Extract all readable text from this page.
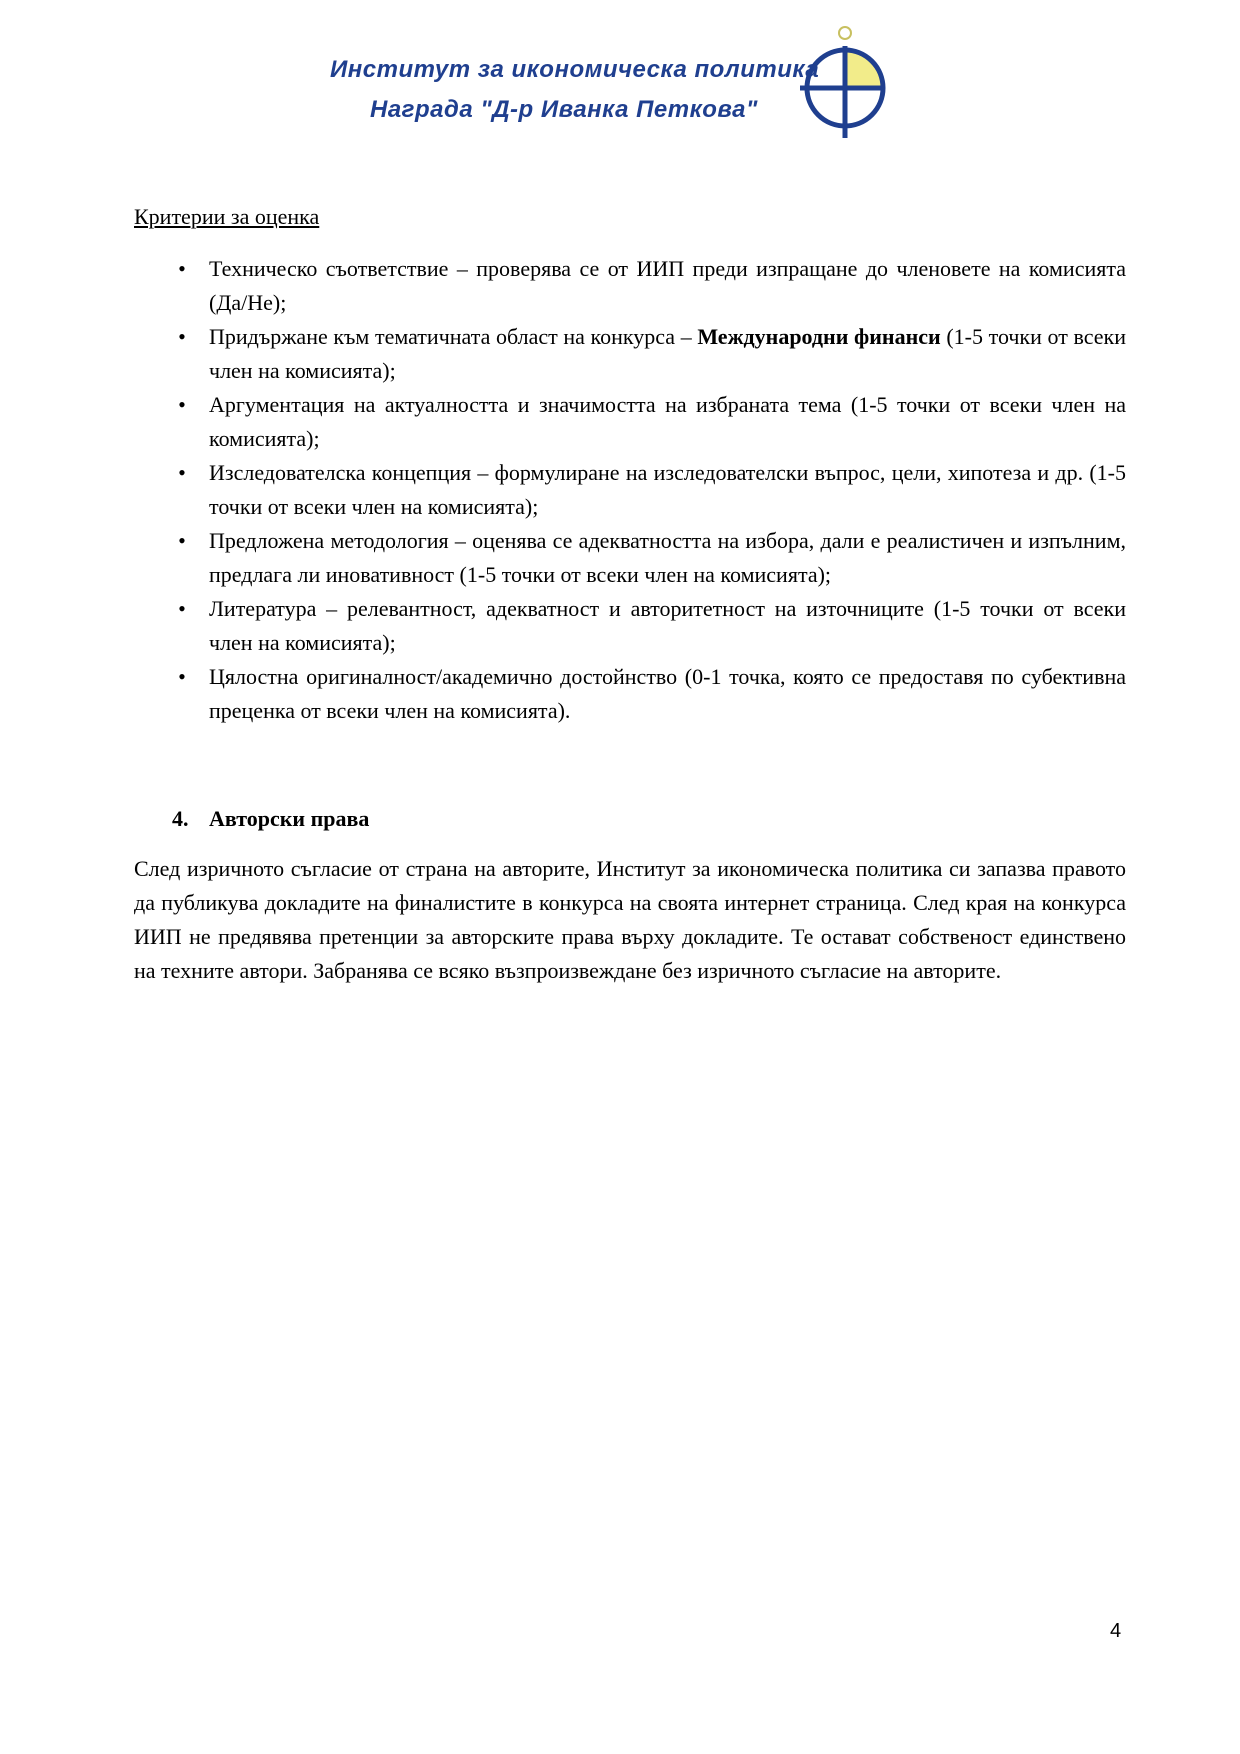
Институт за икономическа политика
Награда "Д-р Иванка Петкова"
Критерии за оценка
• Техническо съответствие – проверява се от ИИП преди изпращане до членовете на комисията (Да/Не);
• Придържане към тематичната област на конкурса – Международни финанси (1-5 точки от всеки член на комисията);
• Аргументация на актуалността и значимостта на избраната тема (1-5 точки от всеки член на комисията);
• Изследователска концепция – формулиране на изследователски въпрос, цели, хипотеза и др. (1-5 точки от всеки член на комисията);
• Предложена методология – оценява се адекватността на избора, дали е реалистичен и изпълним, предлага ли иновативност (1-5 точки от всеки член на комисията);
• Литература – релевантност, адекватност и авторитетност на източниците (1-5 точки от всеки член на комисията);
• Цялостна оригиналност/академично достойнство (0-1 точка, която се предоставя по субективна преценка от всеки член на комисията).
4. Авторски права

След изричното съгласие от страна на авторите, Институт за икономическа политика си запазва правото да публикува докладите на финалистите в конкурса на своята интернет страница. След края на конкурса ИИП не предявява претенции за авторските права върху докладите. Те остават собственост единствено на техните автори. Забранява се всяко възпроизвеждане без изричното съгласие на авторите.

4
